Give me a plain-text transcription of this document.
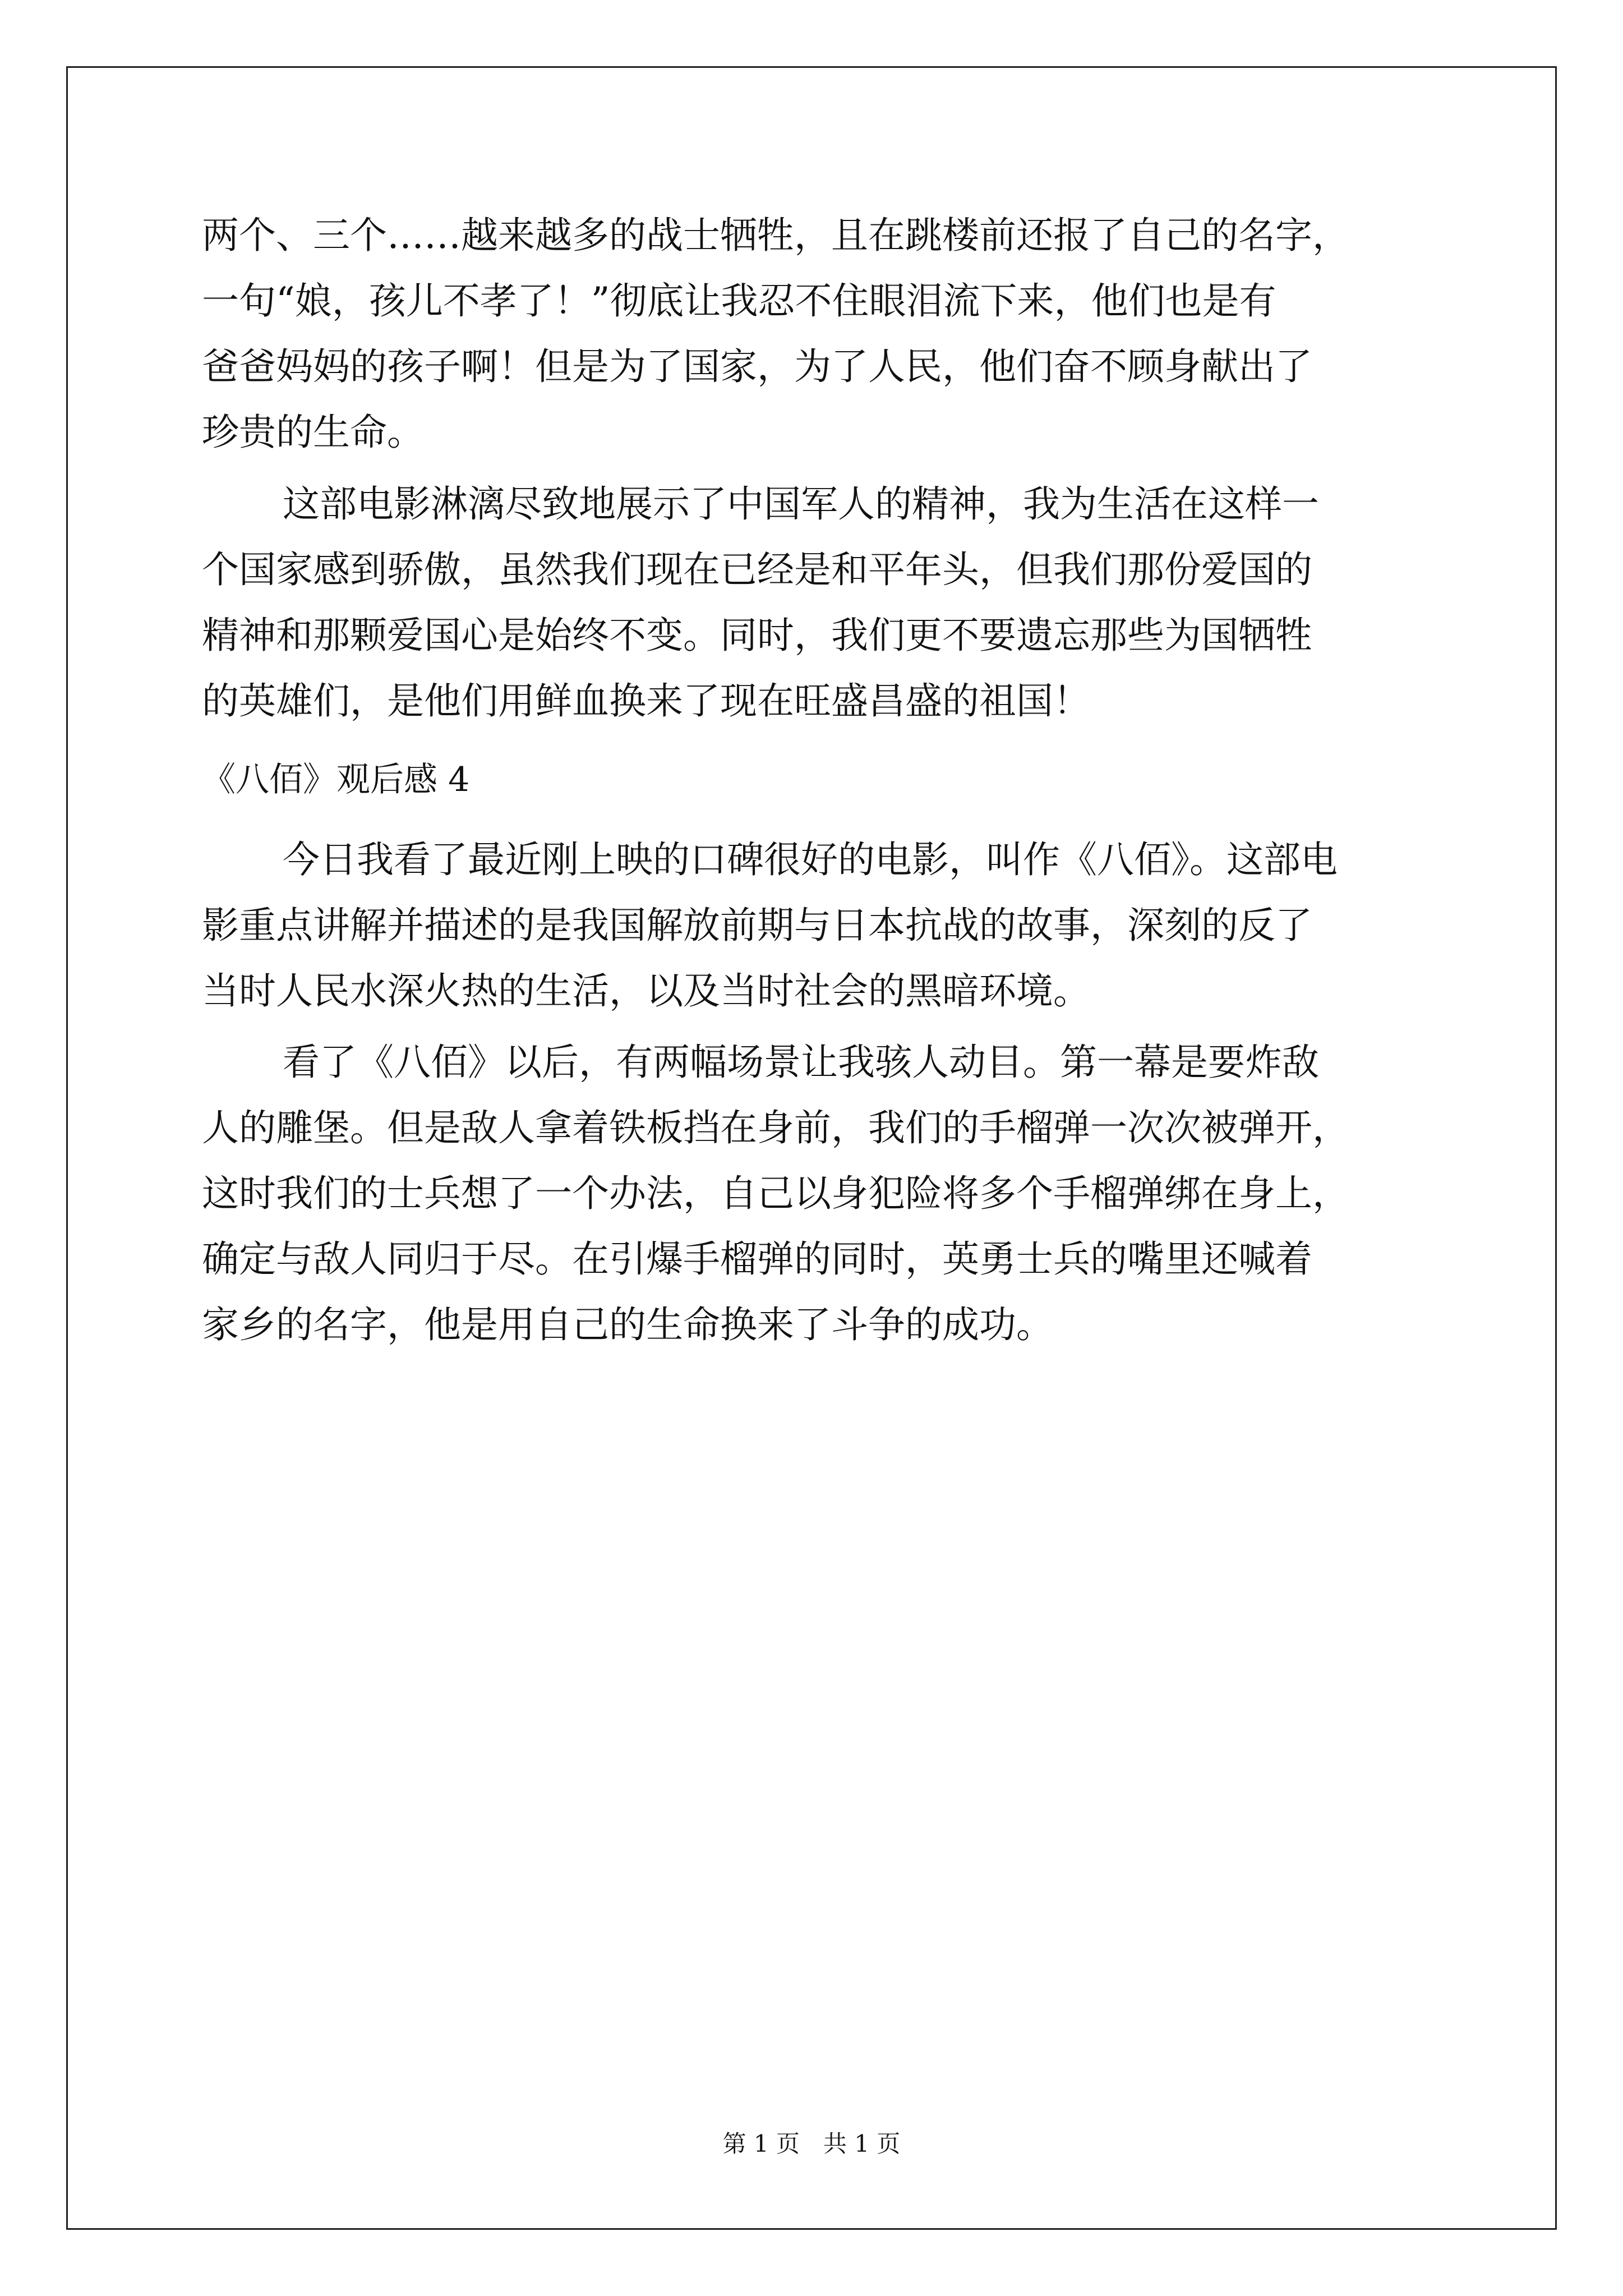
两个、三个……越来越多的战士牺牲，且在跳楼前还报了自己的名字，
一句“娘，孩儿不孝了！”彻底让我忍不住眼泪流下来，他们也是有
爸爸妈妈的孩子啊！但是为了国家，为了人民，他们奋不顾身献出了
珍贵的生命。
这部电影淋漓尽致地展示了中国军人的精神，我为生活在这样一
个国家感到骄傲，虽然我们现在已经是和平年头，但我们那份爱国的
精神和那颗爱国心是始终不变。同时，我们更不要遗忘那些为国牺牲
的英雄们，是他们用鲜血换来了现在旺盛昌盛的祖国！
《八佰》观后感 4
今日我看了最近刚上映的口碑很好的电影，叫作《八佰》。这部电
影重点讲解并描述的是我国解放前期与日本抗战的故事，深刻的反了
当时人民水深火热的生活，以及当时社会的黑暗环境。
看了《八佰》以后，有两幅场景让我骇人动目。第一幕是要炸敌
人的雕堡。但是敌人拿着铁板挡在身前，我们的手榴弹一次次被弹开，
这时我们的士兵想了一个办法，自己以身犯险将多个手榴弹绑在身上，
确定与敌人同归于尽。在引爆手榴弹的同时，英勇士兵的嘴里还喊着
家乡的名字，他是用自己的生命换来了斗争的成功。
第 1 页　共 1 页
